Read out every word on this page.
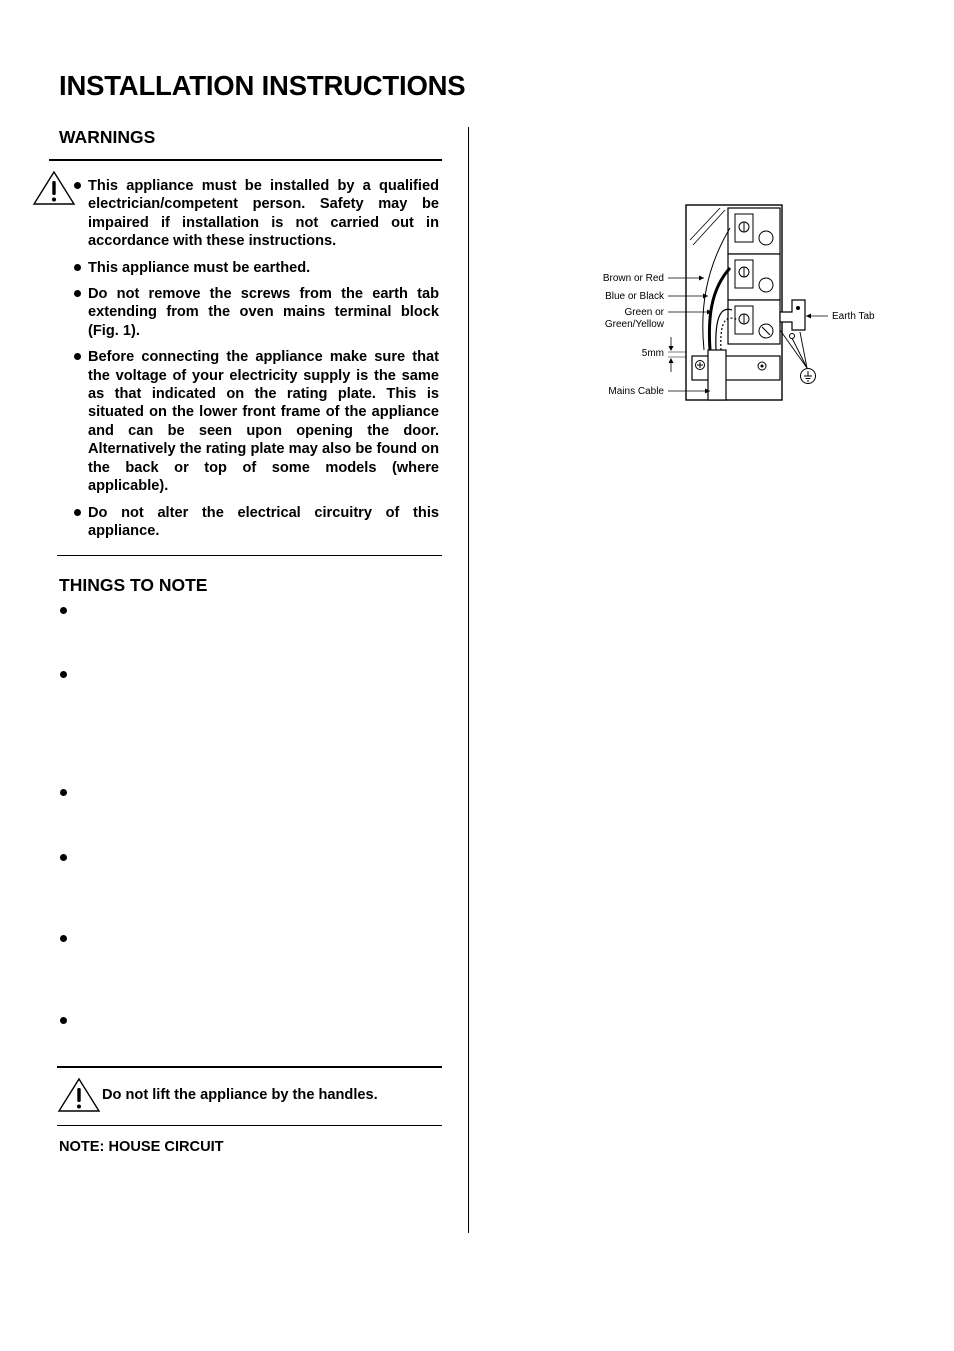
INSTALLATION INSTRUCTIONS
WARNINGS
This appliance must be installed by a qualified electrician/competent person. Safety may be impaired if installation is not carried out in accordance with these instructions.
This appliance must be earthed.
Do not remove the screws from the earth tab extending from the oven mains terminal block (Fig. 1).
Before connecting the appliance make sure that the voltage of your electricity supply is the same as that indicated on the rating plate. This is situated on the lower front frame of the appliance and can be seen upon opening the door. Alternatively the rating plate may also be found on the back or top of some models (where applicable).
Do not alter the electrical circuitry of this appliance.
THINGS TO NOTE
Do not lift the appliance by the handles.
NOTE: HOUSE CIRCUIT
Brown or Red
Blue or Black
Green or
Green/Yellow
5mm
Mains Cable
Earth Tab
